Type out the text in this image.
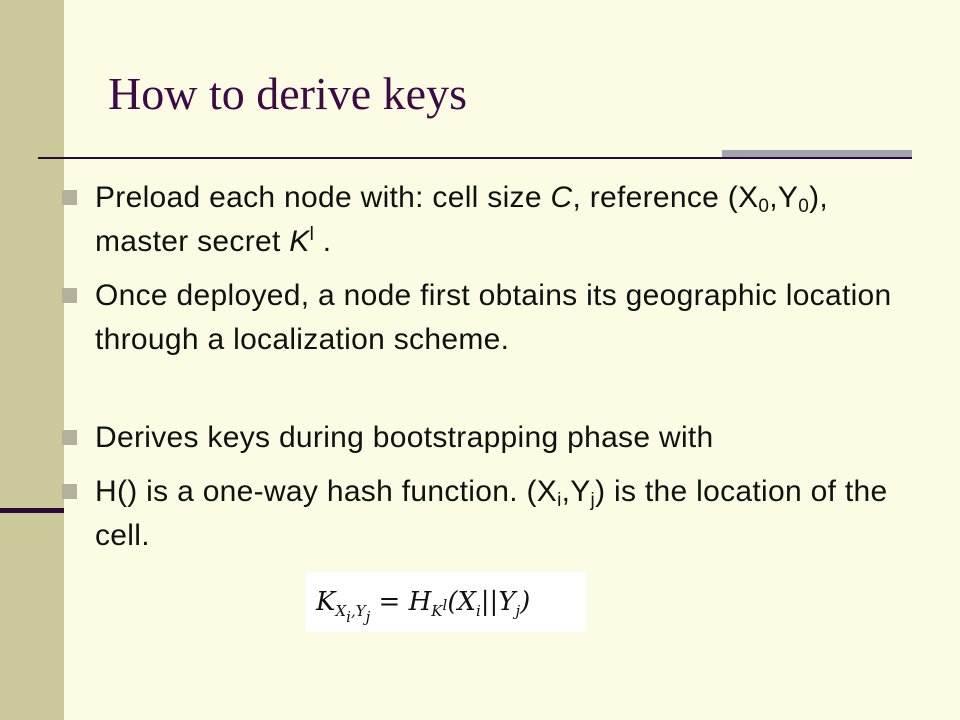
How to derive keys
Preload each node with: cell size C, reference $(X_0,Y_0)$, master secret $K^l$ .
Once deployed, a node first obtains its geographic location through a localization scheme.
Derives keys during bootstrapping phase with
H() is a one-way hash function. $(X_i,Y_j)$ is the location of the cell.
$K_{Xi,Yj} = H_{Kl}(X_i||Y_j)$
